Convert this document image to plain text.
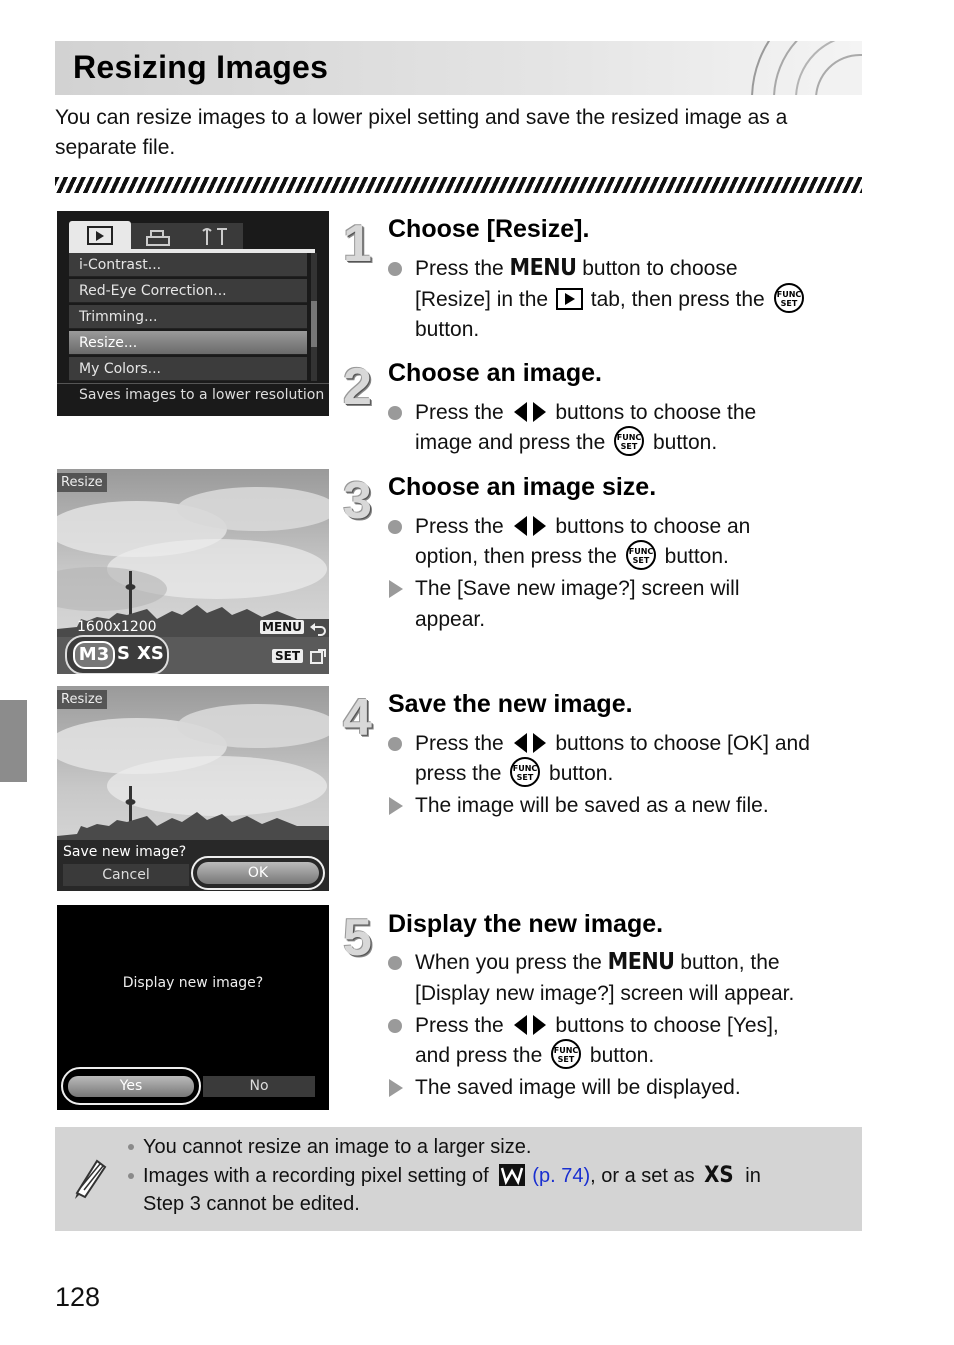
Resizing Images
You can resize images to a lower pixel setting and save the resized image as a separate file.
i-Contrast...
Red-Eye Correction...
Trimming...
Resize...
My Colors...
Saves images to a lower resolution
Resize
1600x1200
M3 S XS
MENU
SET
Resize
Save new image?
Cancel	OK
Display new image?
Yes	No
1 Choose [Resize].
Press the MENU button to choose
[Resize] in the  tab, then press the FUNC
SET
button.
2 Choose an image.
Press the  buttons to choose the
image and press the FUNC
SET button.
3 Choose an image size.
Press the  buttons to choose an
option, then press the FUNC
SET button.
The [Save new image?] screen will
appear.
4 Save the new image.
Press the  buttons to choose [OK] and
press the FUNC
SET button.
The image will be saved as a new file.
5 Display the new image.
When you press the MENU button, the
[Display new image?] screen will appear.
Press the  buttons to choose [Yes],
and press the FUNC
SET button.
The saved image will be displayed.
You cannot resize an image to a larger size.
Images with a recording pixel setting of (p. 74), or a set as XS in
Step 3 cannot be edited.
128
